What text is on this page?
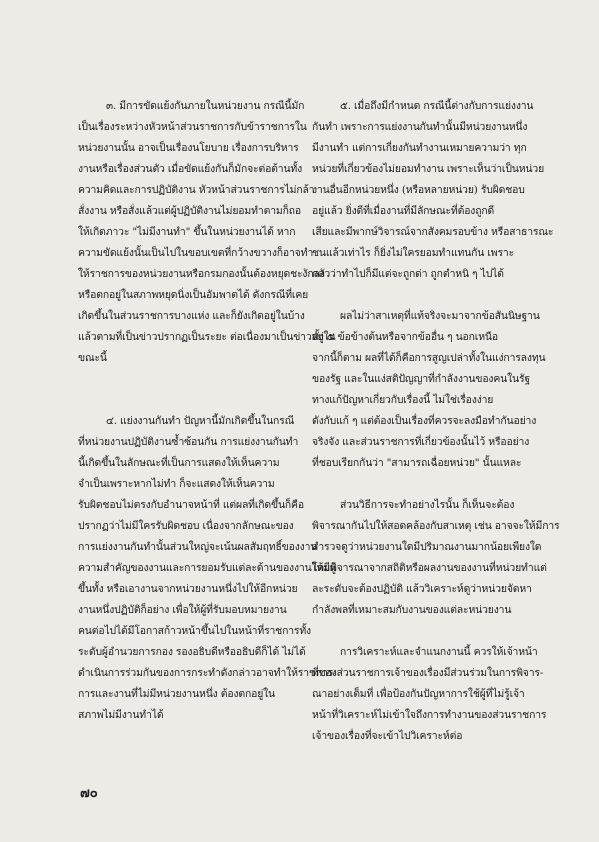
๓. มีการขัดแย้งกันภายในหน่วยงาน กรณีนี้มัก
เป็นเรื่องระหว่างหัวหน้าส่วนราชการกับข้าราชการใน
หน่วยงานนั้น อาจเป็นเรื่องนโยบาย เรื่องการบริหาร
งานหรือเรื่องส่วนตัว เมื่อขัดแย้งกันก็มักจะต่อต้านทั้ง
ความคิดและการปฏิบัติงาน หัวหน้าส่วนราชการไม่กล้า
สั่งงาน หรือสั่งแล้วแต่ผู้ปฏิบัติงานไม่ยอมทำตามก็ถอ
ให้เกิดภาวะ "ไม่มีงานทำ" ขึ้นในหน่วยงานได้ หาก
ความขัดแย้งนั้นเป็นไปในขอบเขตที่กว้างขวางก็อาจทำ
ให้ราชการของหน่วยงานหรือกรมกองนั้นต้องหยุดชะงักลง
หรือตกอยู่ในสภาพหยุดนิ่งเป็นอัมพาตได้ ดังกรณีที่เคย
เกิดขึ้นในส่วนราชการบางแห่ง และก็ยังเกิดอยู่ในบ้าง
แล้วตามที่เป็นข่าวปรากฏเป็นระยะ ต่อเนื่องมาเป็นข่าวอยู่ใน
ขณะนี้
๔. แย่งงานกันทำ ปัญหานี้มักเกิดขึ้นในกรณี
ที่หน่วยงานปฏิบัติงานซ้ำซ้อนกัน การแย่งงานกันทำ
นี้เกิดขึ้นในลักษณะที่เป็นการแสดงให้เห็นความ
จำเป็นเพราะหากไม่ทำ ก็จะแสดงให้เห็นความ
รับผิดชอบไม่ตรงกับอำนาจหน้าที่ แต่ผลที่เกิดขึ้นก็คือ
ปรากฏว่าไม่มีใครรับผิดชอบ เนื่องจากลักษณะของ
การแย่งงานกันทำนั้นส่วนใหญ่จะเน้นผลสัมฤทธิ์ของงาน
ความสำคัญของงานและการยอมรับแต่ละด้านของงานให้มีผู้
ขึ้นทั้ง หรือเอางานจากหน่วยงานหนึ่งไปให้อีกหน่วย
งานหนึ่งปฏิบัติก็อย่าง เพื่อให้ผู้ที่รับมอบหมายงาน
คนต่อไปได้มีโอกาสก้าวหน้าขึ้นไปในหน้าที่ราชการทั้ง
ระดับผู้อำนวยการกอง รองอธิบดีหรืออธิบดีก็ได้ ไม่ได้
ดำเนินการร่วมกันของการกระทำดังกล่าวอาจทำให้ราชการ-
การและงานที่ไม่มีหน่วยงานหนึ่ง ต้องตกอยู่ใน
สภาพไม่มีงานทำได้
๕. เมื่อถึงมีกำหนด กรณีนี้ต่างกับการแย่งงาน
กันทำ เพราะการแย่งงานกันทำนั้นมีหน่วยงานหนึ่ง
มีงานทำ แต่การเกี่ยงกันทำงานเหมายความว่า ทุก
หน่วยที่เกี่ยวข้องไม่ยอมทำงาน เพราะเห็นว่าเป็นหน่วย
งานอื่นอีกหน่วยหนึ่ง (หรือหลายหน่วย) รับผิดชอบ
อยู่แล้ว ยิ่งดีที่เมื่องานที่มีลักษณะที่ต้องถูกดี
เสียและมีพากษ์วิจารณ์จากสังคมรอบข้าง หรือสาธารณะ
ชนแล้วเท่าไร ก็ยิ่งไม่ใครยอมทำแทนกัน เพราะ
กลัวว่าทำไปก็มีแต่จะถูกด่า ถูกตำหนิ ๆ ไปได้
ผลไม่ว่าสาเหตุที่แท้จริงจะมาจากข้อสันนิษฐาน
ทั้ง ๕ ข้อข้างต้นหรือจากข้ออื่น ๆ นอกเหนือ
จากนี้ก็ตาม ผลที่ได้ก็คือการสูญเปล่าทั้งในแง่การลงทุน
ของรัฐ และในแง่สติปัญญาที่กำลังงานของคนในรัฐ
ทางแก้ปัญหาเกี่ยวกับเรื่องนี้ ไม่ใช่เรื่องง่าย
ดังกับแก้ ๆ แต่ต้องเป็นเรื่องที่ควรจะลงมือทำกันอย่าง
จริงจัง และส่วนราชการที่เกี่ยวข้องนั้นไว้ หรืออย่าง
ที่ชอบเรียกกันว่า "สามารถเฉื่อยหน่วย" นั้นแหละ
ส่วนวิธีการจะทำอย่างไรนั้น ก็เห็นจะต้อง
พิจารณากันไปให้สอดคล้องกับสาเหตุ เช่น อาจจะให้มีการ
สำรวจดูว่าหน่วยงานใดมีปริมาณงานมากน้อยเพียงใด
โดยพิจารณาจากสถิติหรือผลงานของงานที่หน่วยทำแต่
ละระดับจะต้องปฏิบัติ แล้ววิเคราะห์ดูว่าหน่วยจัดหา
กำลังพลที่เหมาะสมกับงานของแต่ละหน่วยงาน
การวิเคราะห์และจำแนกงานนี้ ควรให้เจ้าหน้า
ที่ของส่วนราชการเจ้าของเรื่องมีส่วนร่วมในการพิจาร-
ณาอย่างเต็มที่ เพื่อป้องกันปัญหาการใช้ผู้ที่ไม่รู้เจ้า
หน้าที่วิเคราะห์ไม่เข้าใจถึงการทำงานของส่วนราชการ
เจ้าของเรื่องที่จะเข้าไปวิเคราะห์ต่อ
๗๐
